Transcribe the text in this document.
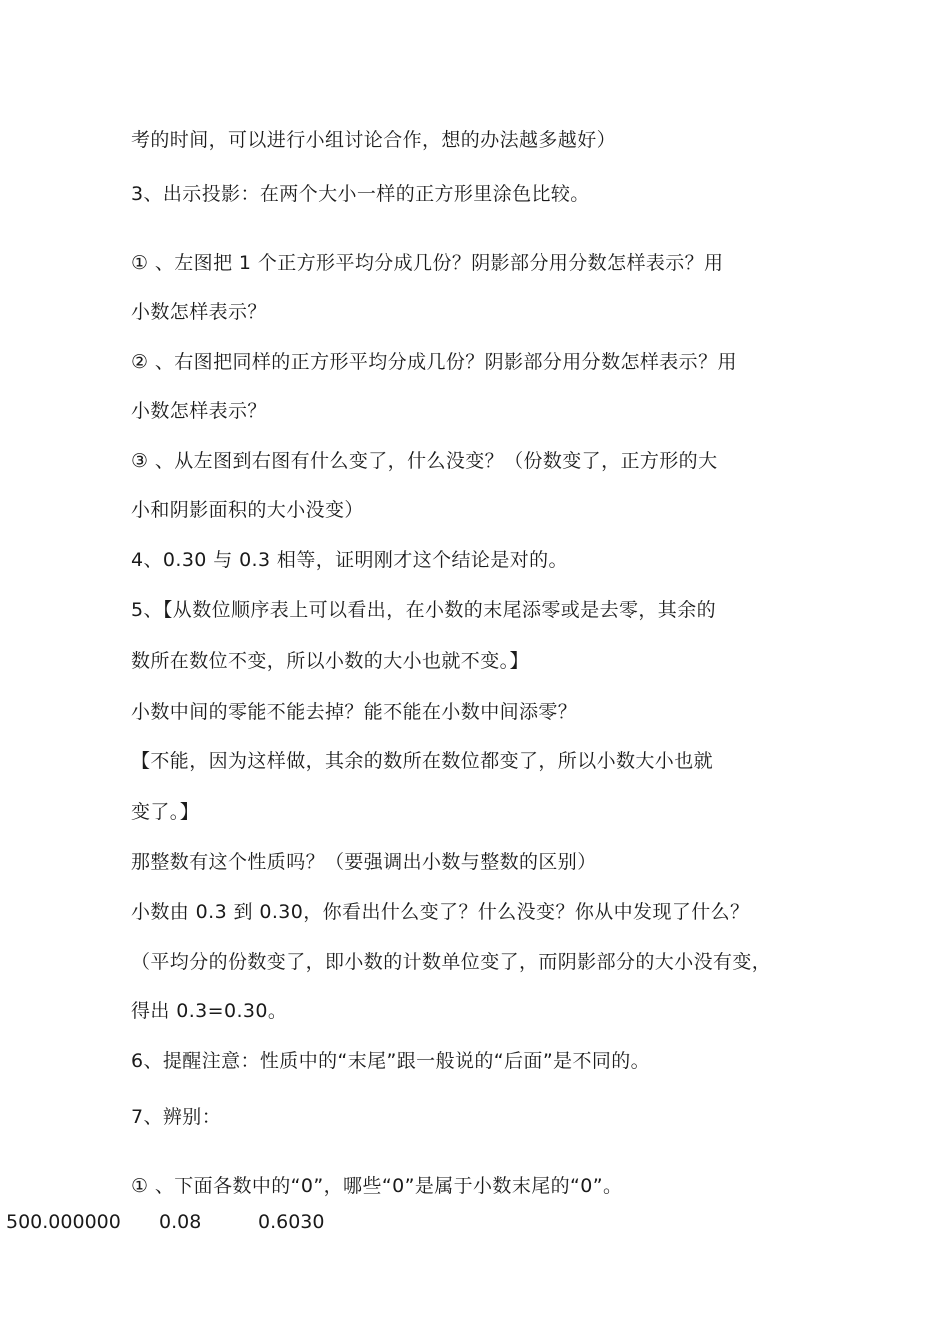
考的时间，可以进行小组讨论合作，想的办法越多越好）
3、出示投影：在两个大小一样的正方形里涂色比较。
① 、左图把 1 个正方形平均分成几份？阴影部分用分数怎样表示？用
小数怎样表示？
② 、右图把同样的正方形平均分成几份？阴影部分用分数怎样表示？用
小数怎样表示？
③ 、从左图到右图有什么变了，什么没变？（份数变了，正方形的大
小和阴影面积的大小没变）
4、0.30 与 0.3 相等，证明刚才这个结论是对的。
5、【从数位顺序表上可以看出，在小数的末尾添零或是去零，其余的
数所在数位不变，所以小数的大小也就不变。】
小数中间的零能不能去掉？能不能在小数中间添零？
【不能，因为这样做，其余的数所在数位都变了，所以小数大小也就
变了。】
那整数有这个性质吗？（要强调出小数与整数的区别）
小数由 0.3 到 0.30，你看出什么变了？什么没变？你从中发现了什么？
（平均分的份数变了，即小数的计数单位变了，而阴影部分的大小没有变，
得出 0.3=0.30。
6、提醒注意：性质中的“末尾”跟一般说的“后面”是不同的。
7、辨别：
① 、下面各数中的“0”，哪些“0”是属于小数末尾的“0”。
500.000000 0.08	0.6030
